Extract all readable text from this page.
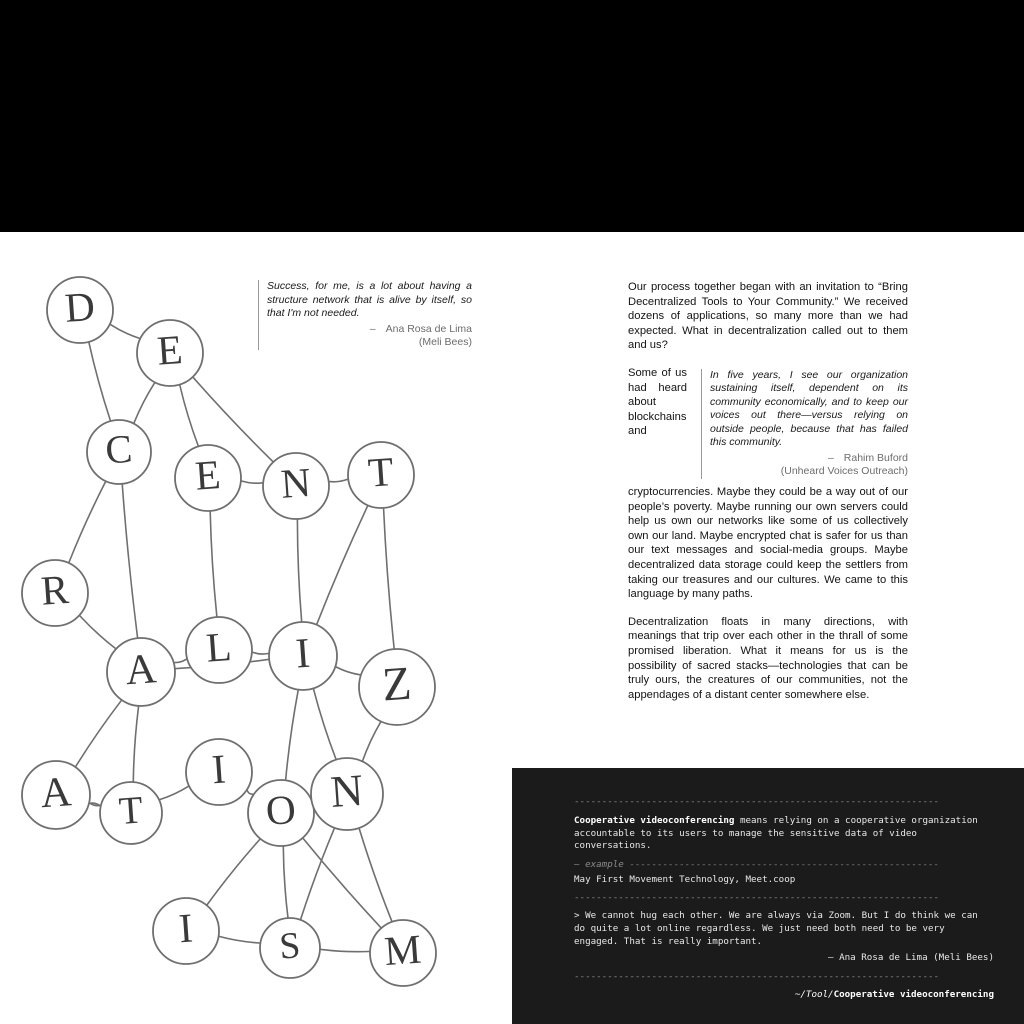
D
E
C
E N T
R
A L I
Z
A T
I
O N
I S M
Success, for me, is a lot about having a structure network that is alive by itself, so that I'm not needed.
– Ana Rosa de Lima
(Meli Bees)

Our process together began with an invitation to “Bring Decentralized Tools to Your Community.” We received dozens of applications, so many more than we had expected. What in decentralization called out to them and us?

In five years, I see our organization sustaining itself, dependent on its community economically, and to keep our voices out there—versus relying on outside people, because that has failed this community.
– Rahim Buford
(Unheard Voices Outreach)
Some of us had heard about blockchains and cryptocurrencies. Maybe they could be a way out of our people’s poverty. Maybe running our own servers could help us own our networks like some of us collectively own our land. Maybe encrypted chat is safer for us than our text messages and social-media groups. Maybe decentralized data storage could keep the settlers from taking our treasures and our cultures. We came to this language by many paths.

Decentralization floats in many directions, with meanings that trip over each other in the thrall of some promised liberation. What it means for us is the possibility of sacred stacks—technologies that can be truly ours, the creatures of our communities, not the appendages of a distant center somewhere else.

------------------------------------------------------------------
Cooperative videoconferencing means relying on a cooperative organization accountable to its users to manage the sensitive data of video conversations.
– example --------------------------------------------------------
May First Movement Technology, Meet.coop
------------------------------------------------------------------
> We cannot hug each other. We are always via Zoom. But I do think we can do quite a lot online regardless. We just need both need to be very engaged. That is really important.
— Ana Rosa de Lima (Meli Bees)
------------------------------------------------------------------
~/Tool/Cooperative videoconferencing
